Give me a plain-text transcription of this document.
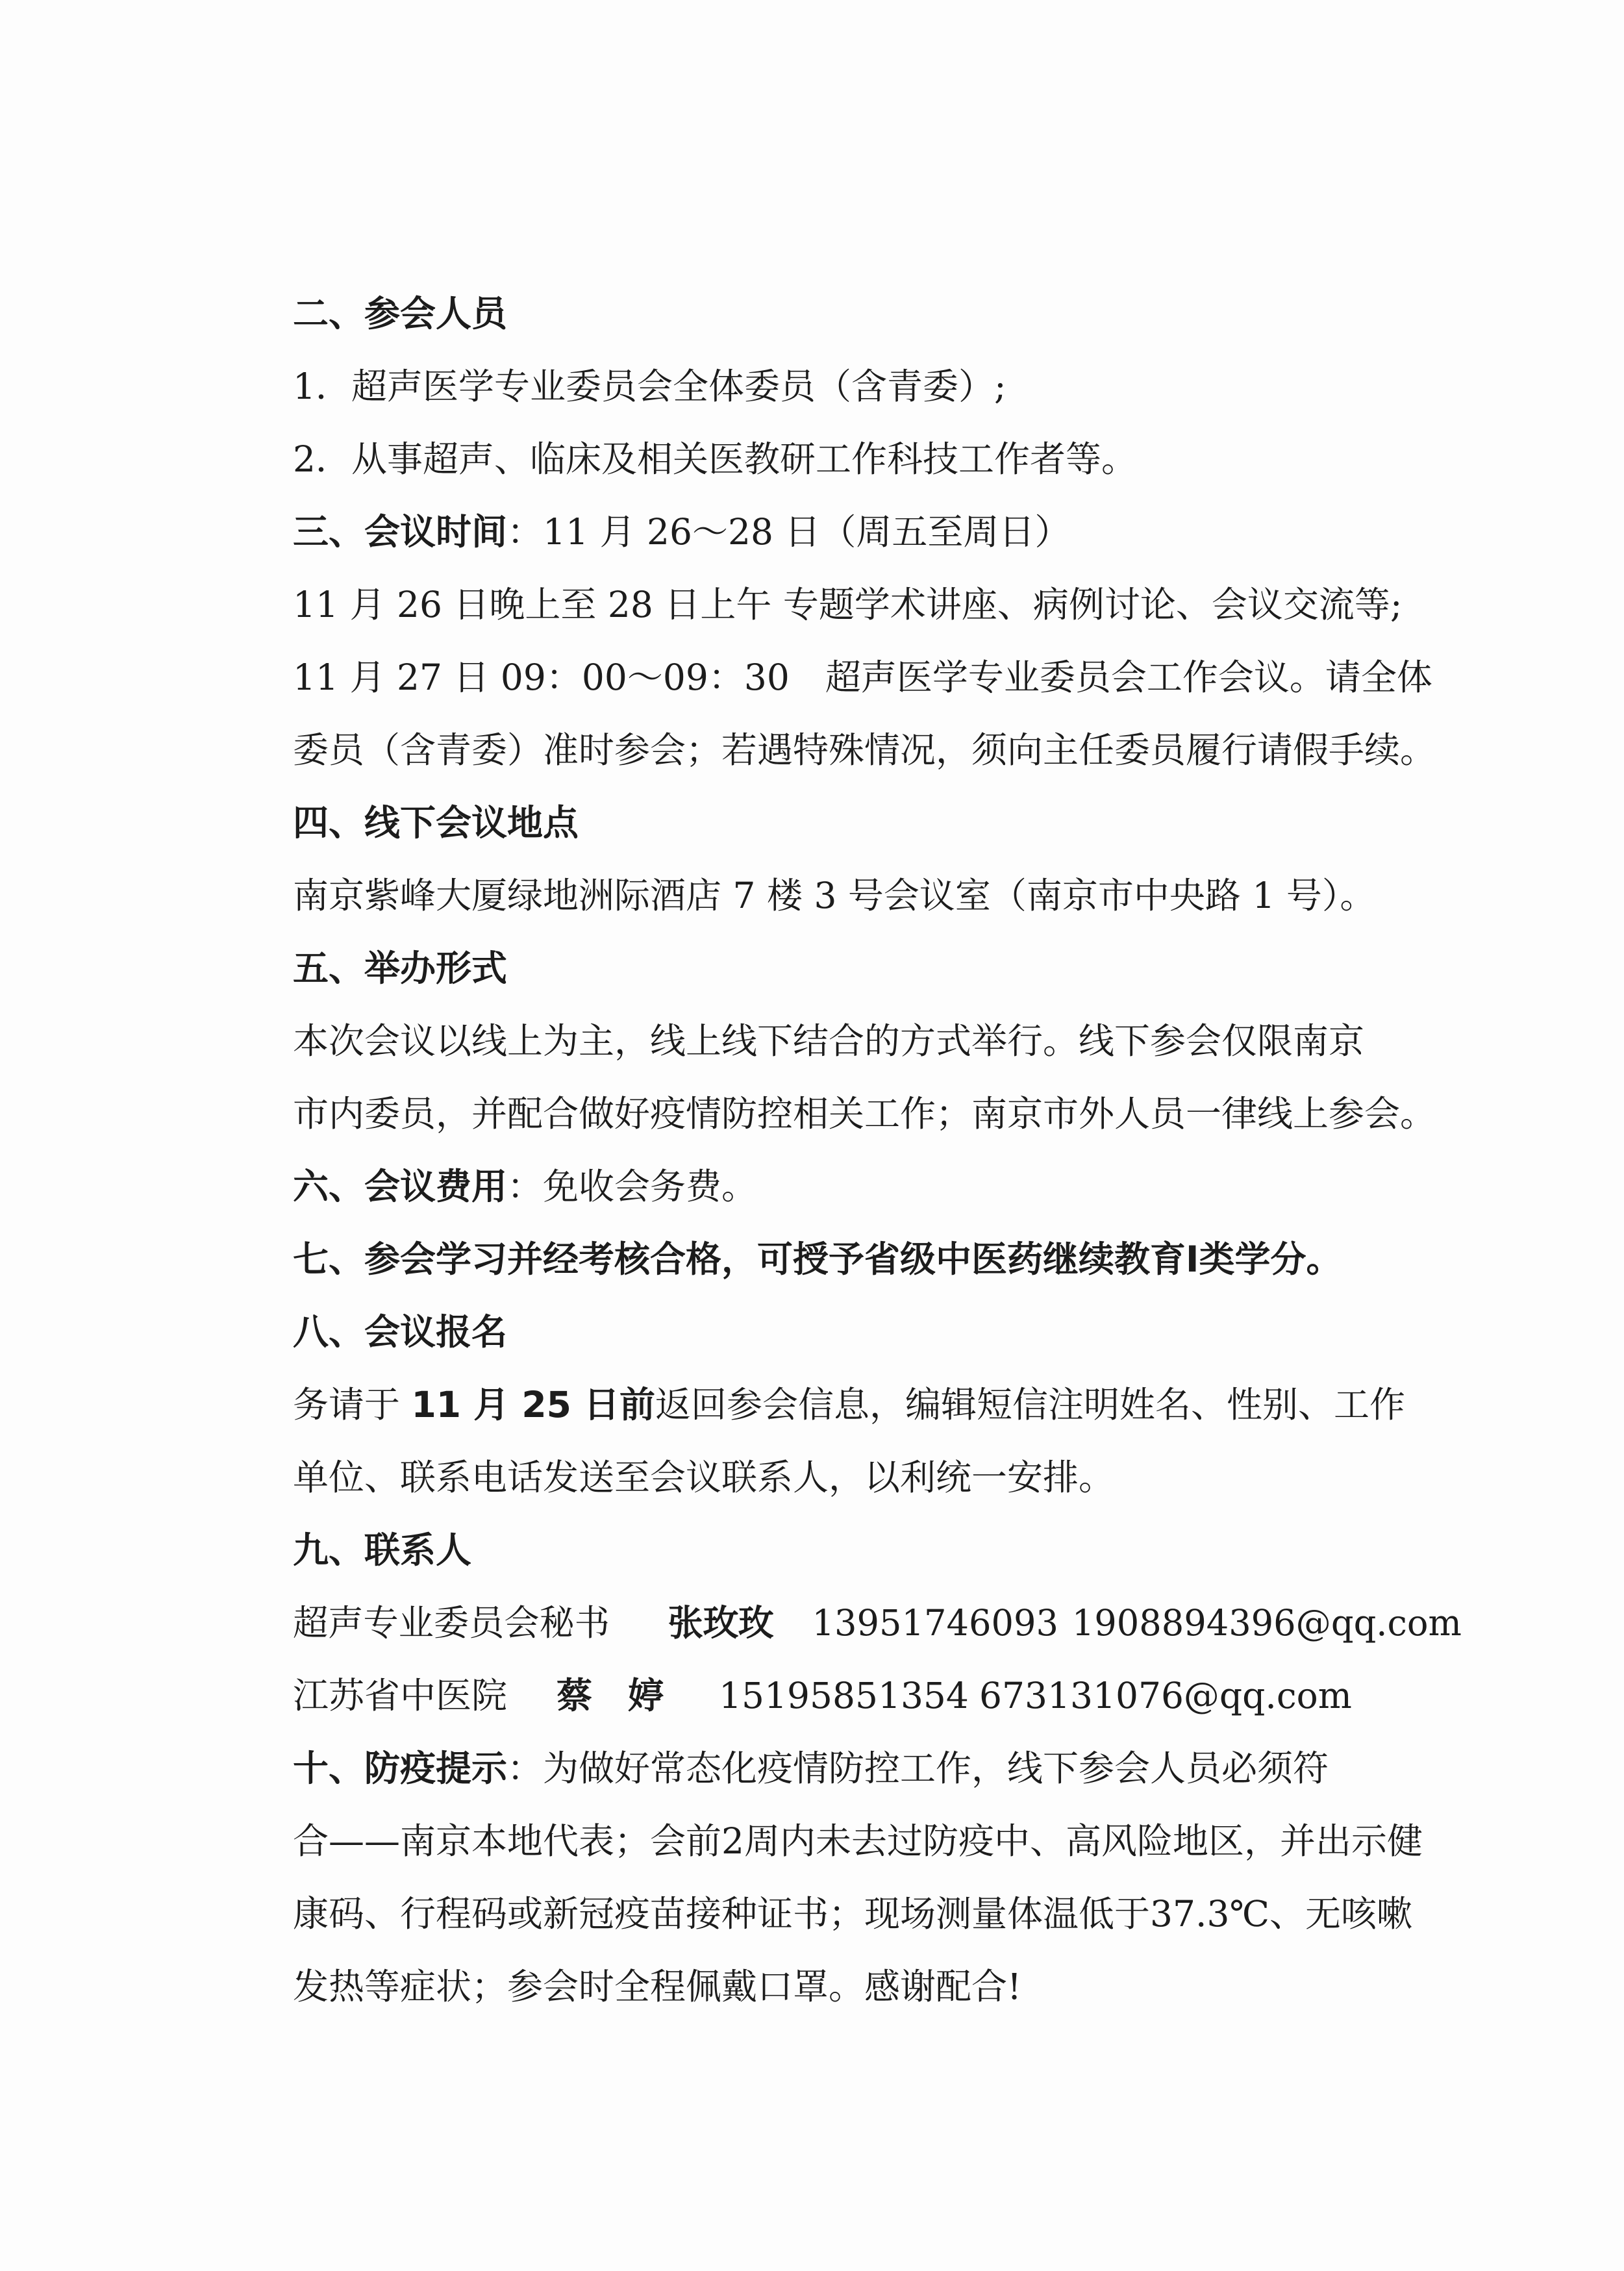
二、参会人员

1．超声医学专业委员会全体委员（含青委）;

2．从事超声、临床及相关医教研工作科技工作者等。

三、会议时间：11 月 26～28 日（周五至周日）

11 月 26 日晚上至 28 日上午 专题学术讲座、病例讨论、会议交流等;

11 月 27 日 09：00～09：30　超声医学专业委员会工作会议。请全体

委员（含青委）准时参会；若遇特殊情况，须向主任委员履行请假手续。

四、线下会议地点

南京紫峰大厦绿地洲际酒店 7 楼 3 号会议室（南京市中央路 1 号）。

五、举办形式

本次会议以线上为主，线上线下结合的方式举行。线下参会仅限南京

市内委员，并配合做好疫情防控相关工作；南京市外人员一律线上参会。

六、会议费用：免收会务费。

七、参会学习并经考核合格，可授予省级中医药继续教育Ⅰ类学分。

八、会议报名

务请于 11 月 25 日前返回参会信息，编辑短信注明姓名、性别、工作

单位、联系电话发送至会议联系人，以利统一安排。

九、联系人

超声专业委员会秘书 张玫玫 13951746093 1908894396@qq.com

江苏省中医院 蔡　婷 15195851354 673131076@qq.com

十、防疫提示：为做好常态化疫情防控工作，线下参会人员必须符

合——南京本地代表；会前2周内未去过防疫中、高风险地区，并出示健

康码、行程码或新冠疫苗接种证书；现场测量体温低于37.3℃、无咳嗽

发热等症状；参会时全程佩戴口罩。感谢配合!
